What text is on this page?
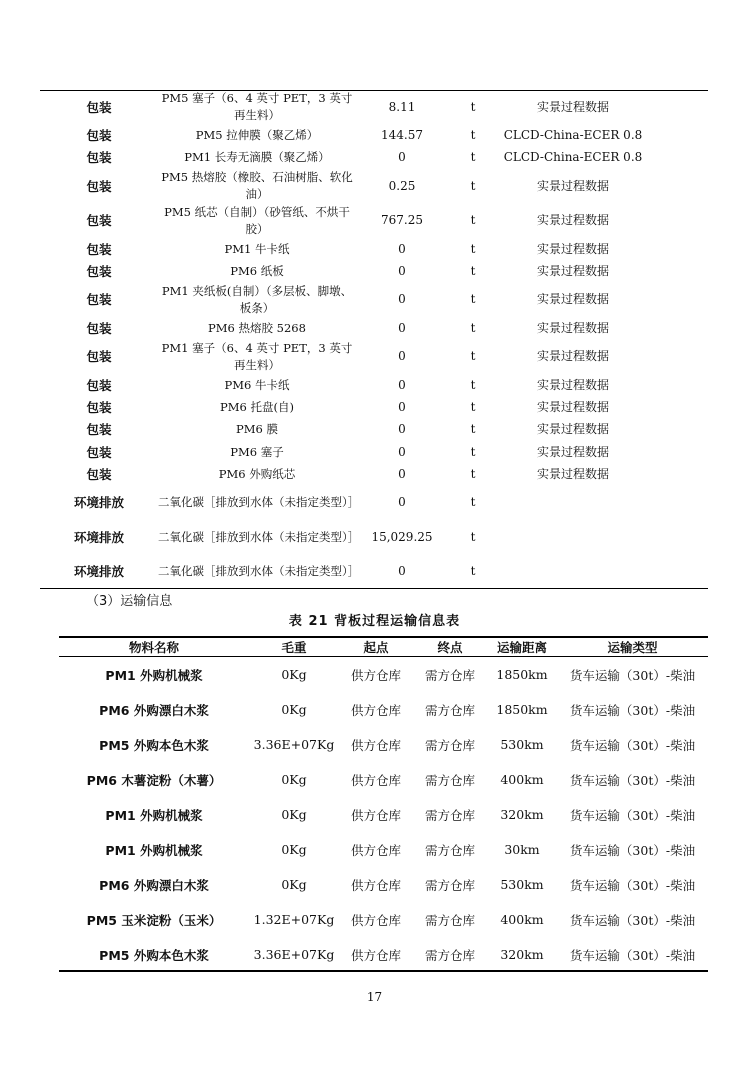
包装	PM5 塞子（6、4 英寸 PET，3 英寸再生料）	8.11	t	实景过程数据	
包装	PM5 拉伸膜（聚乙烯）	144.57	t	CLCD-China-ECER 0.8	
包装	PM1 长寿无滴膜（聚乙烯）	0	t	CLCD-China-ECER 0.8	
包装	PM5 热熔胶（橡胶、石油树脂、软化油）	0.25	t	实景过程数据	
包装	PM5 纸芯（自制）（砂管纸、不烘干胶）	767.25	t	实景过程数据	
包装	PM1 牛卡纸	0	t	实景过程数据	
包装	PM6 纸板	0	t	实景过程数据	
包装	PM1 夹纸板(自制）（多层板、脚墩、板条）	0	t	实景过程数据	
包装	PM6 热熔胶 5268	0	t	实景过程数据	
包装	PM1 塞子（6、4 英寸 PET，3 英寸再生料）	0	t	实景过程数据	
包装	PM6 牛卡纸	0	t	实景过程数据	
包装	PM6 托盘(自)	0	t	实景过程数据	
包装	PM6 膜	0	t	实景过程数据	
包装	PM6 塞子	0	t	实景过程数据	
包装	PM6 外购纸芯	0	t	实景过程数据	
环境排放	二氧化碳［排放到水体（未指定类型）］	0	t		
环境排放	二氧化碳［排放到水体（未指定类型）］	15,029.25	t		
环境排放	二氧化碳［排放到水体（未指定类型）］	0	t		
（3）运输信息
表 21 背板过程运输信息表
物料名称	毛重	起点	终点	运输距离	运输类型
PM1 外购机械浆	0Kg	供方仓库	需方仓库	1850km	货车运输（30t）-柴油
PM6 外购漂白木浆	0Kg	供方仓库	需方仓库	1850km	货车运输（30t）-柴油
PM5 外购本色木浆	3.36E+07Kg	供方仓库	需方仓库	530km	货车运输（30t）-柴油
PM6 木薯淀粉（木薯）	0Kg	供方仓库	需方仓库	400km	货车运输（30t）-柴油
PM1 外购机械浆	0Kg	供方仓库	需方仓库	320km	货车运输（30t）-柴油
PM1 外购机械浆	0Kg	供方仓库	需方仓库	30km	货车运输（30t）-柴油
PM6 外购漂白木浆	0Kg	供方仓库	需方仓库	530km	货车运输（30t）-柴油
PM5 玉米淀粉（玉米）	1.32E+07Kg	供方仓库	需方仓库	400km	货车运输（30t）-柴油
PM5 外购本色木浆	3.36E+07Kg	供方仓库	需方仓库	320km	货车运输（30t）-柴油
17
